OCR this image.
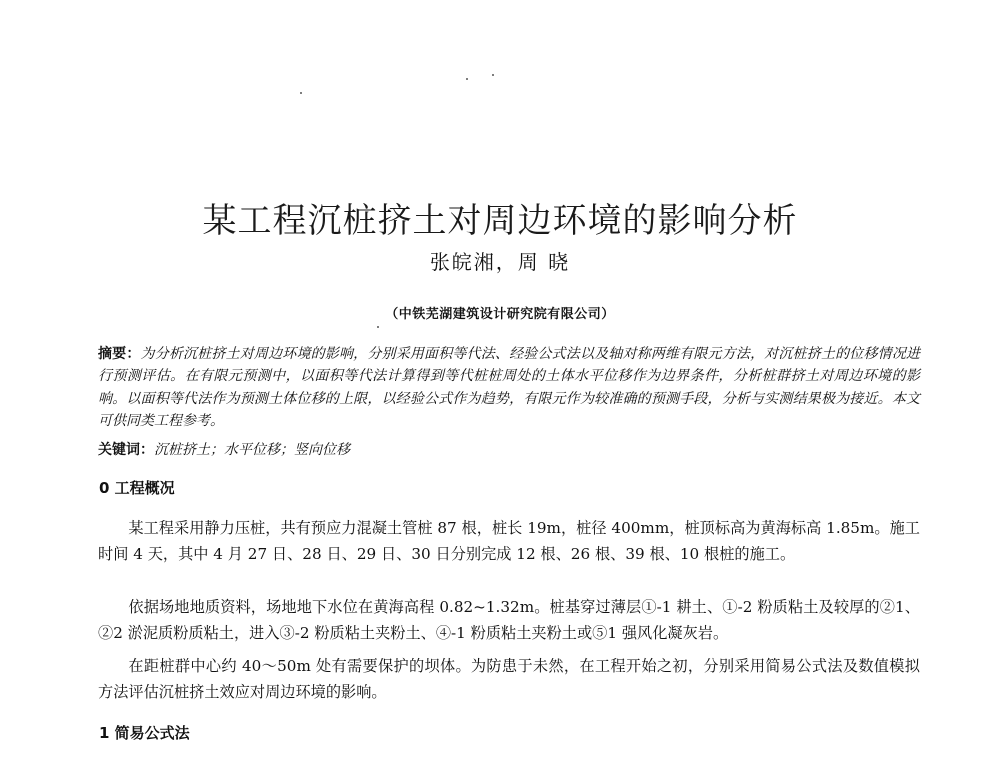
某工程沉桩挤土对周边环境的影响分析
张皖湘，周 晓
（中铁芜湖建筑设计研究院有限公司）
摘要：为分析沉桩挤土对周边环境的影响，分别采用面积等代法、经验公式法以及轴对称两维有限元方法，对沉桩挤土的位移情况进行预测评估。在有限元预测中，以面积等代法计算得到等代桩桩周处的土体水平位移作为边界条件，分析桩群挤土对周边环境的影响。以面积等代法作为预测土体位移的上限，以经验公式作为趋势，有限元作为较准确的预测手段，分析与实测结果极为接近。本文可供同类工程参考。
关键词：沉桩挤土；水平位移；竖向位移
0 工程概况

某工程采用静力压桩，共有预应力混凝土管桩 87 根，桩长 19m，桩径 400mm，桩顶标高为黄海标高 1.85m。施工时间 4 天，其中 4 月 27 日、28 日、29 日、30 日分别完成 12 根、26 根、39 根、10 根桩的施工。

依据场地地质资料，场地地下水位在黄海高程 0.82~1.32m。桩基穿过薄层①-1 耕土、①-2 粉质粘土及较厚的②1、②2 淤泥质粉质粘土，进入③-2 粉质粘土夹粉土、④-1 粉质粘土夹粉土或⑤1 强风化凝灰岩。

在距桩群中心约 40～50m 处有需要保护的坝体。为防患于未然，在工程开始之初，分别采用简易公式法及数值模拟方法评估沉桩挤土效应对周边环境的影响。

1 简易公式法
